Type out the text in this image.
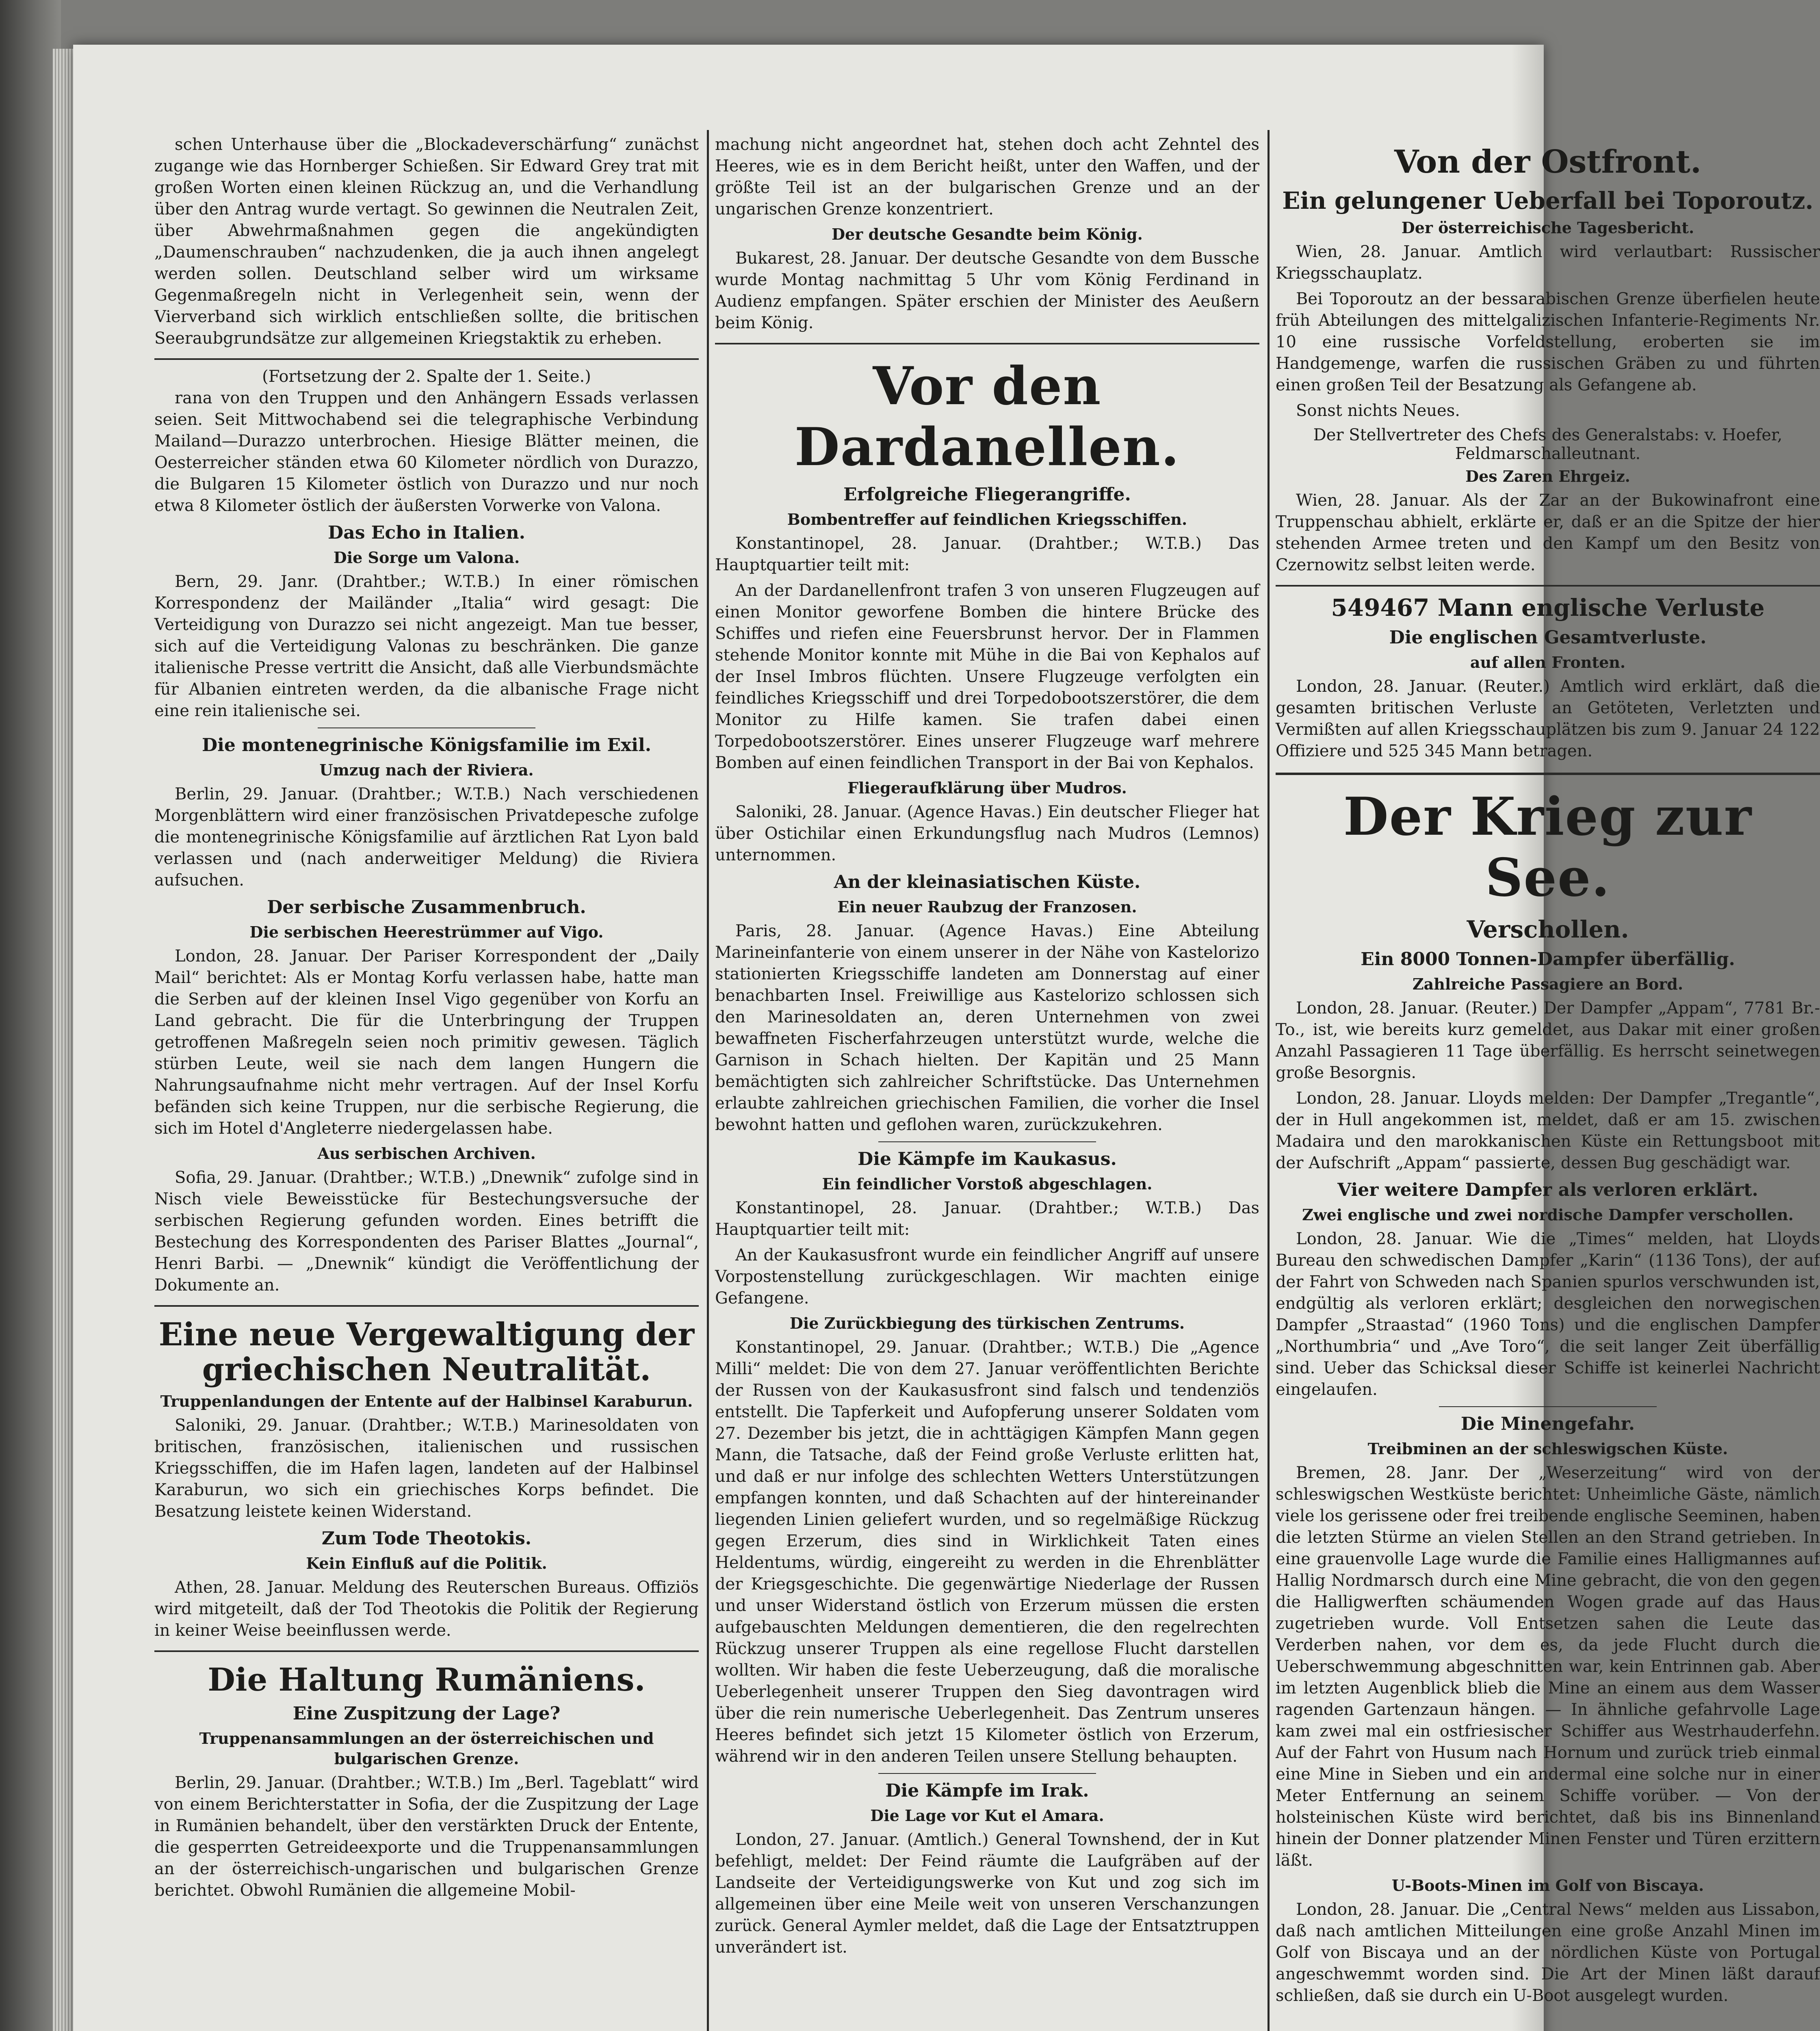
schen Unterhause über die „Blockadeverschärfung“ zunächst zugange wie das Hornberger Schießen. Sir Edward Grey trat mit großen Worten einen kleinen Rückzug an, und die Verhandlung über den Antrag wurde vertagt. So gewinnen die Neutralen Zeit, über Abwehrmaßnahmen gegen die angekündigten „Daumenschrauben“ nachzudenken, die ja auch ihnen angelegt werden sollen. Deutschland selber wird um wirksame Gegenmaßregeln nicht in Verlegenheit sein, wenn der Vierverband sich wirklich entschließen sollte, die britischen Seeraubgrundsätze zur allgemeinen Kriegstaktik zu erheben.

(Fortsetzung der 2. Spalte der 1. Seite.)

rana von den Truppen und den Anhängern Essads verlassen seien. Seit Mittwochabend sei die telegraphische Verbindung Mailand—Durazzo unterbrochen. Hiesige Blätter meinen, die Oesterreicher ständen etwa 60 Kilometer nördlich von Durazzo, die Bulgaren 15 Kilometer östlich von Durazzo und nur noch etwa 8 Kilometer östlich der äußersten Vorwerke von Valona.

Das Echo in Italien.
Die Sorge um Valona.

Bern, 29. Janr. (Drahtber.; W.T.B.) In einer römischen Korrespondenz der Mailänder „Italia“ wird gesagt: Die Verteidigung von Durazzo sei nicht angezeigt. Man tue besser, sich auf die Verteidigung Valonas zu beschränken. Die ganze italienische Presse vertritt die Ansicht, daß alle Vierbundsmächte für Albanien eintreten werden, da die albanische Frage nicht eine rein italienische sei.

Die montenegrinische Königsfamilie im Exil.
Umzug nach der Riviera.

Berlin, 29. Januar. (Drahtber.; W.T.B.) Nach verschiedenen Morgenblättern wird einer französischen Privatdepesche zufolge die montenegrinische Königsfamilie auf ärztlichen Rat Lyon bald verlassen und (nach anderweitiger Meldung) die Riviera aufsuchen.

Der serbische Zusammenbruch.
Die serbischen Heerestrümmer auf Vigo.

London, 28. Januar. Der Pariser Korrespondent der „Daily Mail“ berichtet: Als er Montag Korfu verlassen habe, hatte man die Serben auf der kleinen Insel Vigo gegenüber von Korfu an Land gebracht. Die für die Unterbringung der Truppen getroffenen Maßregeln seien noch primitiv gewesen. Täglich stürben Leute, weil sie nach dem langen Hungern die Nahrungsaufnahme nicht mehr vertragen. Auf der Insel Korfu befänden sich keine Truppen, nur die serbische Regierung, die sich im Hotel d'Angleterre niedergelassen habe.

Aus serbischen Archiven.

Sofia, 29. Januar. (Drahtber.; W.T.B.) „Dnewnik“ zufolge sind in Nisch viele Beweisstücke für Bestechungsversuche der serbischen Regierung gefunden worden. Eines betrifft die Bestechung des Korrespondenten des Pariser Blattes „Journal“, Henri Barbi. — „Dnewnik“ kündigt die Veröffentlichung der Dokumente an.

Eine neue Vergewaltigung der griechischen Neutralität.
Truppenlandungen der Entente auf der Halbinsel Karaburun.

Saloniki, 29. Januar. (Drahtber.; W.T.B.) Marinesoldaten von britischen, französischen, italienischen und russischen Kriegsschiffen, die im Hafen lagen, landeten auf der Halbinsel Karaburun, wo sich ein griechisches Korps befindet. Die Besatzung leistete keinen Widerstand.

Zum Tode Theotokis.
Kein Einfluß auf die Politik.

Athen, 28. Januar. Meldung des Reuterschen Bureaus. Offiziös wird mitgeteilt, daß der Tod Theotokis die Politik der Regierung in keiner Weise beeinflussen werde.

Die Haltung Rumäniens.
Eine Zuspitzung der Lage?
Truppenansammlungen an der österreichischen und bulgarischen Grenze.

Berlin, 29. Januar. (Drahtber.; W.T.B.) Im „Berl. Tageblatt“ wird von einem Berichterstatter in Sofia, der die Zuspitzung der Lage in Rumänien behandelt, über den verstärkten Druck der Entente, die gesperrten Getreideexporte und die Truppenansammlungen an der österreichisch-ungarischen und bulgarischen Grenze berichtet. Obwohl Rumänien die allgemeine Mobil-

machung nicht angeordnet hat, stehen doch acht Zehntel des Heeres, wie es in dem Bericht heißt, unter den Waffen, und der größte Teil ist an der bulgarischen Grenze und an der ungarischen Grenze konzentriert.

Der deutsche Gesandte beim König.

Bukarest, 28. Januar. Der deutsche Gesandte von dem Bussche wurde Montag nachmittag 5 Uhr vom König Ferdinand in Audienz empfangen. Später erschien der Minister des Aeußern beim König.

Vor den Dardanellen.
Erfolgreiche Fliegerangriffe.
Bombentreffer auf feindlichen Kriegsschiffen.

Konstantinopel, 28. Januar. (Drahtber.; W.T.B.) Das Hauptquartier teilt mit:

An der Dardanellenfront trafen 3 von unseren Flugzeugen auf einen Monitor geworfene Bomben die hintere Brücke des Schiffes und riefen eine Feuersbrunst hervor. Der in Flammen stehende Monitor konnte mit Mühe in die Bai von Kephalos auf der Insel Imbros flüchten. Unsere Flugzeuge verfolgten ein feindliches Kriegsschiff und drei Torpedobootszerstörer, die dem Monitor zu Hilfe kamen. Sie trafen dabei einen Torpedobootszerstörer. Eines unserer Flugzeuge warf mehrere Bomben auf einen feindlichen Transport in der Bai von Kephalos.

Fliegeraufklärung über Mudros.

Saloniki, 28. Januar. (Agence Havas.) Ein deutscher Flieger hat über Ostichilar einen Erkundungsflug nach Mudros (Lemnos) unternommen.

An der kleinasiatischen Küste.
Ein neuer Raubzug der Franzosen.

Paris, 28. Januar. (Agence Havas.) Eine Abteilung Marineinfanterie von einem unserer in der Nähe von Kastelorizo stationierten Kriegsschiffe landeten am Donnerstag auf einer benachbarten Insel. Freiwillige aus Kastelorizo schlossen sich den Marinesoldaten an, deren Unternehmen von zwei bewaffneten Fischerfahrzeugen unterstützt wurde, welche die Garnison in Schach hielten. Der Kapitän und 25 Mann bemächtigten sich zahlreicher Schriftstücke. Das Unternehmen erlaubte zahlreichen griechischen Familien, die vorher die Insel bewohnt hatten und geflohen waren, zurückzukehren.

Die Kämpfe im Kaukasus.
Ein feindlicher Vorstoß abgeschlagen.

Konstantinopel, 28. Januar. (Drahtber.; W.T.B.) Das Hauptquartier teilt mit:

An der Kaukasusfront wurde ein feindlicher Angriff auf unsere Vorpostenstellung zurückgeschlagen. Wir machten einige Gefangene.

Die Zurückbiegung des türkischen Zentrums.

Konstantinopel, 29. Januar. (Drahtber.; W.T.B.) Die „Agence Milli“ meldet: Die von dem 27. Januar veröffentlichten Berichte der Russen von der Kaukasusfront sind falsch und tendenziös entstellt. Die Tapferkeit und Aufopferung unserer Soldaten vom 27. Dezember bis jetzt, die in achttägigen Kämpfen Mann gegen Mann, die Tatsache, daß der Feind große Verluste erlitten hat, und daß er nur infolge des schlechten Wetters Unterstützungen empfangen konnten, und daß Schachten auf der hintereinander liegenden Linien geliefert wurden, und so regelmäßige Rückzug gegen Erzerum, dies sind in Wirklichkeit Taten eines Heldentums, würdig, eingereiht zu werden in die Ehrenblätter der Kriegsgeschichte. Die gegenwärtige Niederlage der Russen und unser Widerstand östlich von Erzerum müssen die ersten aufgebauschten Meldungen dementieren, die den regelrechten Rückzug unserer Truppen als eine regellose Flucht darstellen wollten. Wir haben die feste Ueberzeugung, daß die moralische Ueberlegenheit unserer Truppen den Sieg davontragen wird über die rein numerische Ueberlegenheit. Das Zentrum unseres Heeres befindet sich jetzt 15 Kilometer östlich von Erzerum, während wir in den anderen Teilen unsere Stellung behaupten.

Die Kämpfe im Irak.
Die Lage vor Kut el Amara.

London, 27. Januar. (Amtlich.) General Townshend, der in Kut befehligt, meldet: Der Feind räumte die Laufgräben auf der Landseite der Verteidigungswerke von Kut und zog sich im allgemeinen über eine Meile weit von unseren Verschanzungen zurück. General Aymler meldet, daß die Lage der Entsatztruppen unverändert ist.

Von der Ostfront.
Ein gelungener Ueberfall bei Toporoutz.
Der österreichische Tagesbericht.

Wien, 28. Januar. Amtlich wird verlautbart: Russischer Kriegsschauplatz.

Bei Toporoutz an der bessarabischen Grenze überfielen heute früh Abteilungen des mittelgalizischen Infanterie-Regiments Nr. 10 eine russische Vorfeldstellung, eroberten sie im Handgemenge, warfen die russischen Gräben zu und führten einen großen Teil der Besatzung als Gefangene ab.

Sonst nichts Neues.

Der Stellvertreter des Chefs des Generalstabs: v. Hoefer, Feldmarschalleutnant.
Des Zaren Ehrgeiz.

Wien, 28. Januar. Als der Zar an der Bukowinafront eine Truppenschau abhielt, erklärte er, daß er an die Spitze der hier stehenden Armee treten und den Kampf um den Besitz von Czernowitz selbst leiten werde.

549467 Mann englische Verluste
Die englischen Gesamtverluste.
auf allen Fronten.

London, 28. Januar. (Reuter.) Amtlich wird erklärt, daß die gesamten britischen Verluste an Getöteten, Verletzten und Vermißten auf allen Kriegsschauplätzen bis zum 9. Januar 24 122 Offiziere und 525 345 Mann betragen.

Der Krieg zur See.
Verschollen.
Ein 8000 Tonnen-Dampfer überfällig.
Zahlreiche Passagiere an Bord.

London, 28. Januar. (Reuter.) Der Dampfer „Appam“, 7781 Br.-To., ist, wie bereits kurz gemeldet, aus Dakar mit einer großen Anzahl Passagieren 11 Tage überfällig. Es herrscht seinetwegen große Besorgnis.

London, 28. Januar. Lloyds melden: Der Dampfer „Tregantle“, der in Hull angekommen ist, meldet, daß er am 15. zwischen Madaira und den marokkanischen Küste ein Rettungsboot mit der Aufschrift „Appam“ passierte, dessen Bug geschädigt war.

Vier weitere Dampfer als verloren erklärt.
Zwei englische und zwei nordische Dampfer verschollen.

London, 28. Januar. Wie die „Times“ melden, hat Lloyds Bureau den schwedischen Dampfer „Karin“ (1136 Tons), der auf der Fahrt von Schweden nach Spanien spurlos verschwunden ist, endgültig als verloren erklärt; desgleichen den norwegischen Dampfer „Straastad“ (1960 Tons) und die englischen Dampfer „Northumbria“ und „Ave Toro“, die seit langer Zeit überfällig sind. Ueber das Schicksal dieser Schiffe ist keinerlei Nachricht eingelaufen.

Die Minengefahr.
Treibminen an der schleswigschen Küste.

Bremen, 28. Janr. Der „Weserzeitung“ wird von der schleswigschen Westküste berichtet: Unheimliche Gäste, nämlich viele los gerissene oder frei treibende englische Seeminen, haben die letzten Stürme an vielen Stellen an den Strand getrieben. In eine grauenvolle Lage wurde die Familie eines Halligmannes auf Hallig Nordmarsch durch eine Mine gebracht, die von den gegen die Halligwerften schäumenden Wogen grade auf das Haus zugetrieben wurde. Voll Entsetzen sahen die Leute das Verderben nahen, vor dem es, da jede Flucht durch die Ueberschwemmung abgeschnitten war, kein Entrinnen gab. Aber im letzten Augenblick blieb die Mine an einem aus dem Wasser ragenden Gartenzaun hängen. — In ähnliche gefahrvolle Lage kam zwei mal ein ostfriesischer Schiffer aus Westrhauderfehn. Auf der Fahrt von Husum nach Hornum und zurück trieb einmal eine Mine in Sieben und ein andermal eine solche nur in einer Meter Entfernung an seinem Schiffe vorüber. — Von der holsteinischen Küste wird berichtet, daß bis ins Binnenland hinein der Donner platzender Minen Fenster und Türen erzittern läßt.

U-Boots-Minen im Golf von Biscaya.

London, 28. Januar. Die „Central News“ melden aus Lissabon, daß nach amtlichen Mitteilungen eine große Anzahl Minen im Golf von Biscaya und an der nördlichen Küste von Portugal angeschwemmt worden sind. Die Art der Minen läßt darauf schließen, daß sie durch ein U-Boot ausgelegt wurden.
